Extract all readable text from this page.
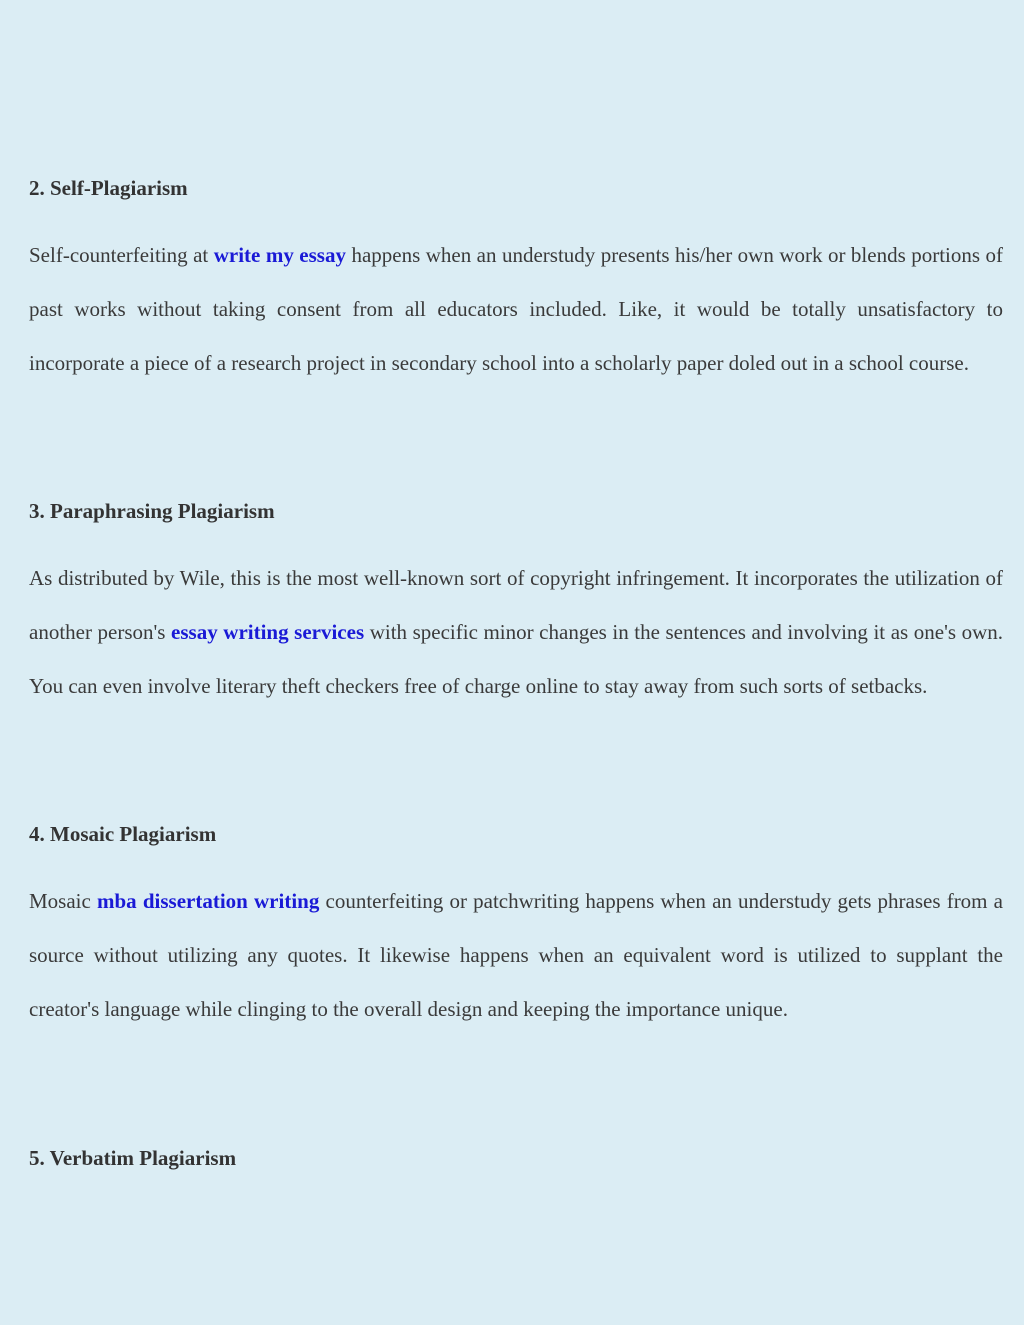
2. Self-Plagiarism

Self-counterfeiting at write my essay happens when an understudy presents his/her own work or blends portions of past works without taking consent from all educators included. Like, it would be totally unsatisfactory to incorporate a piece of a research project in secondary school into a scholarly paper doled out in a school course.

3. Paraphrasing Plagiarism

As distributed by Wile, this is the most well-known sort of copyright infringement. It incorporates the utilization of another person's essay writing services with specific minor changes in the sentences and involving it as one's own. You can even involve literary theft checkers free of charge online to stay away from such sorts of setbacks.

4. Mosaic Plagiarism

Mosaic mba dissertation writing counterfeiting or patchwriting happens when an understudy gets phrases from a source without utilizing any quotes. It likewise happens when an equivalent word is utilized to supplant the creator's language while clinging to the overall design and keeping the importance unique.

5. Verbatim Plagiarism
